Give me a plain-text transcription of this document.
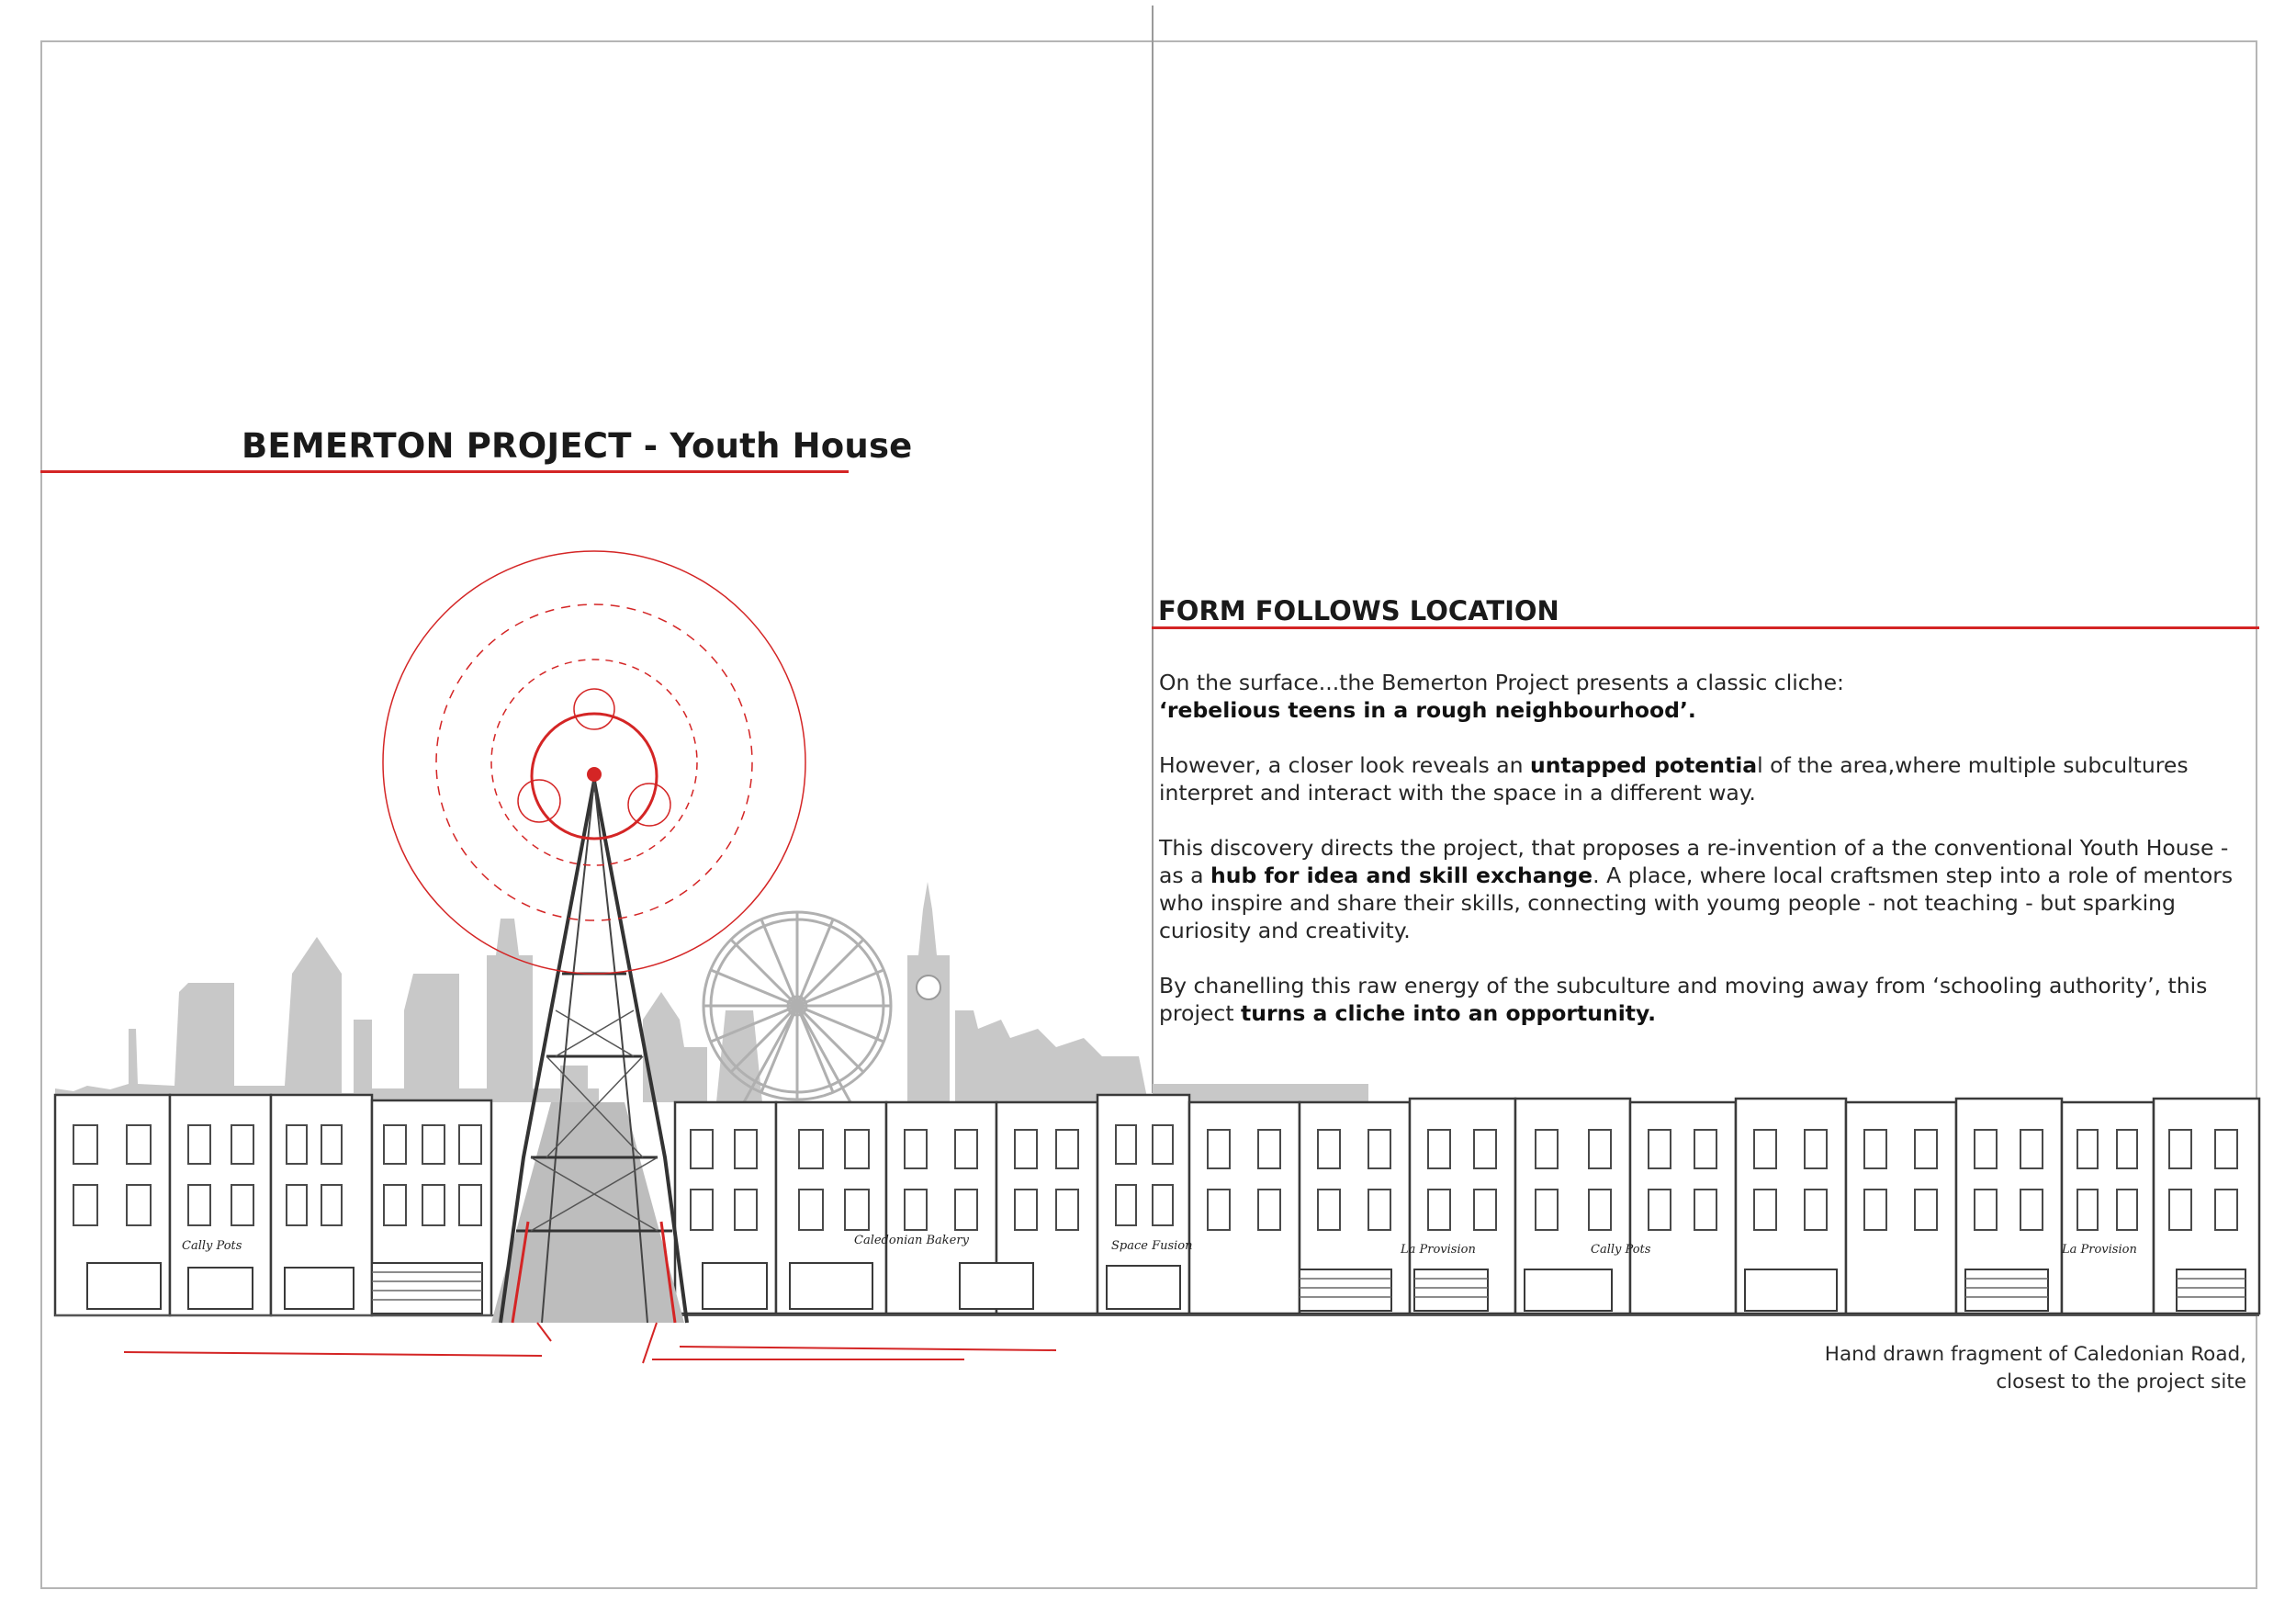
BEMERTON PROJECT - Youth House
FORM FOLLOWS LOCATION

On the surface...the Bemerton Project presents a classic cliche:
‘rebelious teens in a rough neighbourhood’.

However, a closer look reveals an untapped potential of the area,where multiple subcultures interpret and interact with the space in a different way.

This discovery directs the project, that proposes a re-invention of a the conventional Youth House - as a hub for idea and skill exchange. A place, where local craftsmen step into a role of mentors who inspire and share their skills, connecting with youmg people - not teaching - but sparking curiosity and creativity.

By chanelling this raw energy of the subculture and moving away from ‘schooling authority’, this project turns a cliche into an opportunity.

Cally Pots	Caledonian Bakery	Space Fusion	La Provision	Cally Pots	La Provision
Hand drawn fragment of Caledonian Road,
closest to the project site
